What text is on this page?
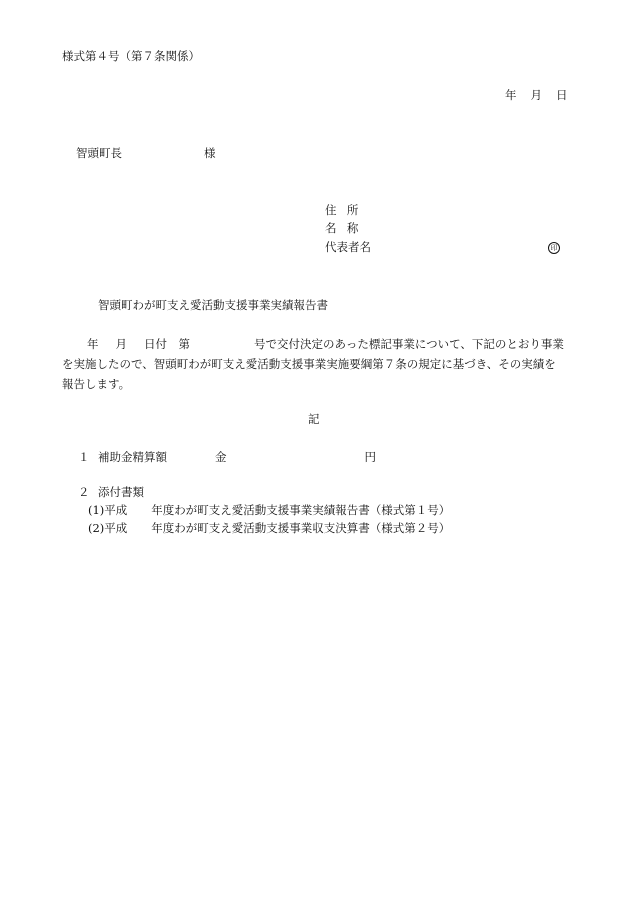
様式第４号（第７条関係）
年 月 日
智頭町長	様
住所
名称
代表者名	印
智頭町わが町支え愛活動支援事業実績報告書
年 月 日付　 第	号で交付決定のあった標記事業について、下記のとおり事業
を実施したので、智頭町わが町支え愛活動支援事業実施要綱第７条の規定に基づき、その実績を
報告します。
記
１ 補助金精算額	金	円
２ 添付書類
(1)平成 年度わが町支え愛活動支援事業実績報告書（様式第１号）
(2)平成 年度わが町支え愛活動支援事業収支決算書（様式第２号）
